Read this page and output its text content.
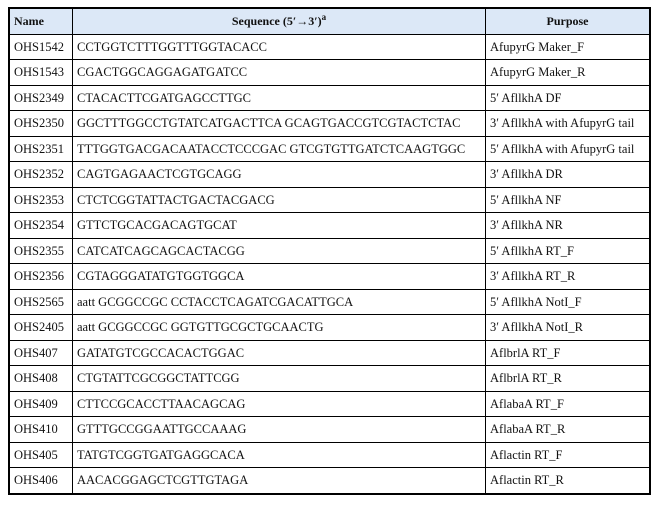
Name	Sequence $(5'\to 3')^a$	Purpose
OHS1542	CCTGGTCTTTGGTTTGGTACACC	AfupyrG Maker_F
OHS1543	CGACTGGCAGGAGATGATCC	AfupyrG Maker_R
OHS2349	CTACACTTCGATGAGCCTTGC	5′ AfllkhA DF
OHS2350	GGCTTTGGCCTGTATCATGACTTCA GCAGTGACCGTCGTACTCTAC	3′ AfllkhA with AfupyrG tail
OHS2351	TTTGGTGACGACAATACCTCCCGAC GTCGTGTTGATCTCAAGTGGC	5′ AfllkhA with AfupyrG tail
OHS2352	CAGTGAGAACTCGTGCAGG	3′ AfllkhA DR
OHS2353	CTCTCGGTATTACTGACTACGACG	5′ AfllkhA NF
OHS2354	GTTCTGCACGACAGTGCAT	3′ AfllkhA NR
OHS2355	CATCATCAGCAGCACTACGG	5′ AfllkhA RT_F
OHS2356	CGTAGGGATATGTGGTGGCA	3′ AfllkhA RT_R
OHS2565	aatt GCGGCCGC CCTACCTCAGATCGACATTGCA	5′ AfllkhA NotI_F
OHS2405	aatt GCGGCCGC GGTGTTGCGCTGCAACTG	3′ AfllkhA NotI_R
OHS407	GATATGTCGCCACACTGGAC	AflbrlA RT_F
OHS408	CTGTATTCGCGGCTATTCGG	AflbrlA RT_R
OHS409	CTTCCGCACCTTAACAGCAG	AflabaA RT_F
OHS410	GTTTGCCGGAATTGCCAAAG	AflabaA RT_R
OHS405	TATGTCGGTGATGAGGCACA	Aflactin RT_F
OHS406	AACACGGAGCTCGTTGTAGA	Aflactin RT_R
